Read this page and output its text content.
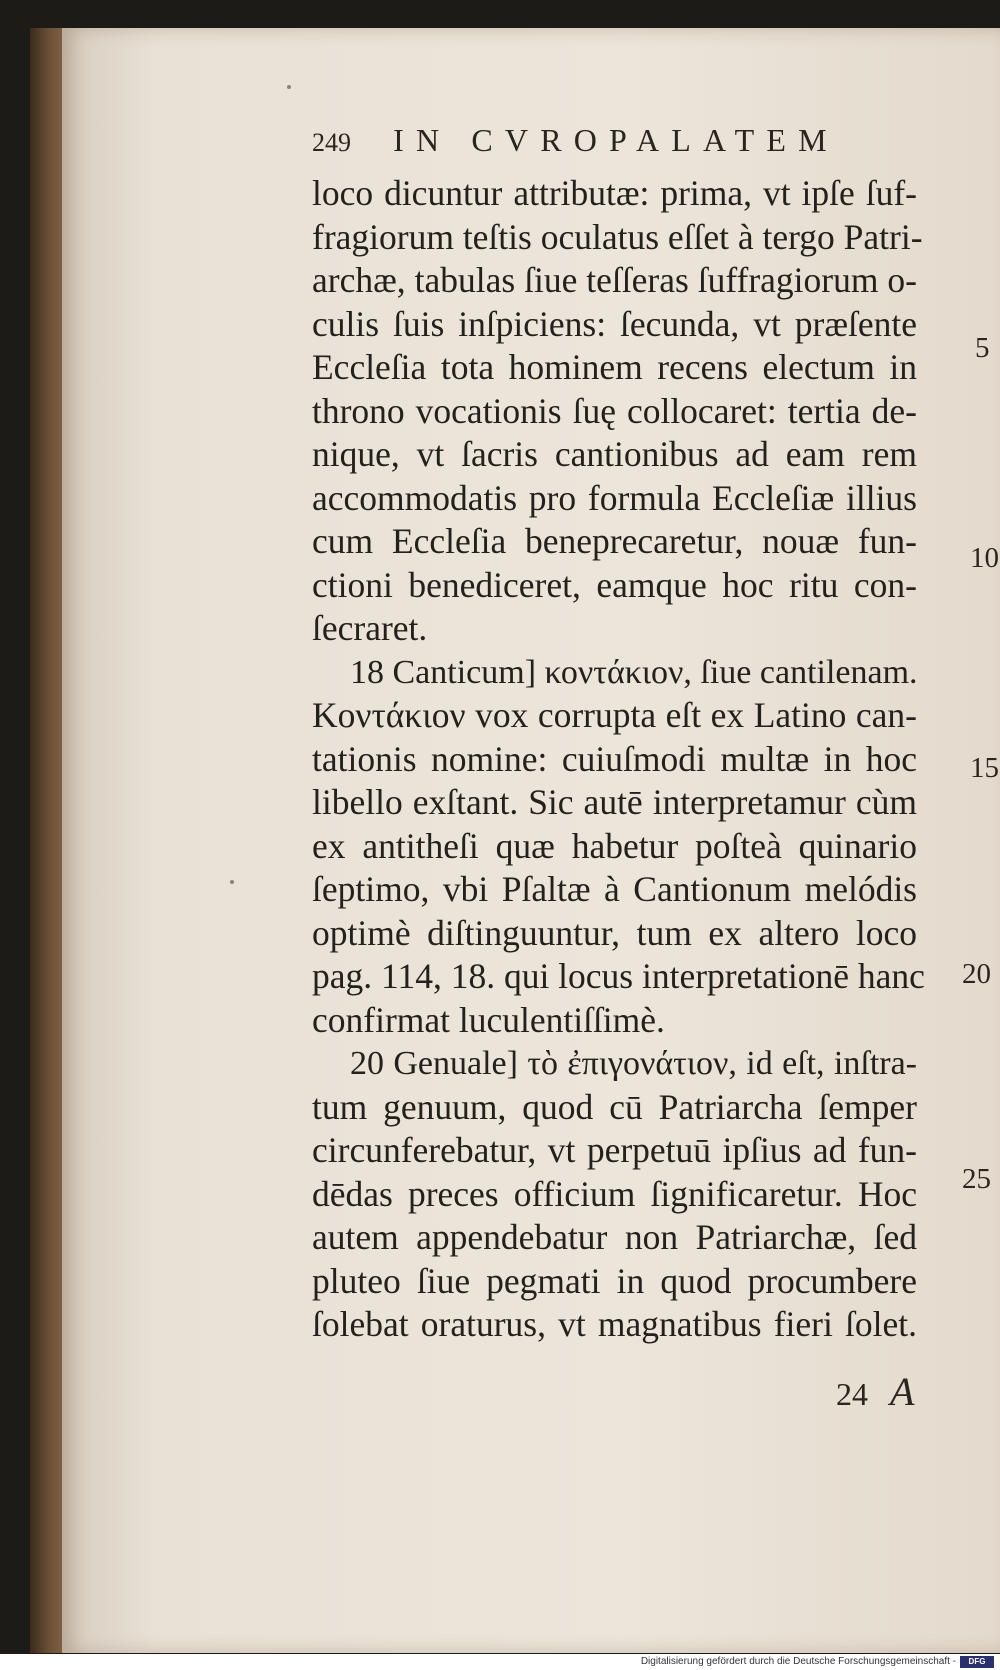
249 IN CVROPALATEM
loco dicuntur attributæ: prima, vt ipſe ſuf-
fragiorum teſtis oculatus eſſet à tergo Patri-
archæ, tabulas ſiue teſſeras ſuffragiorum o-
culis ſuis inſpiciens: ſecunda, vt præſente
Eccleſia tota hominem recens electum in
throno vocationis ſuę collocaret: tertia de-
nique, vt ſacris cantionibus ad eam rem
accommodatis pro formula Eccleſiæ illius
cum Eccleſia beneprecaretur, nouæ fun-
ctioni benediceret, eamque hoc ritu con-
ſecraret.
18 Canticum] κοντάκιον, ſiue cantilenam.
Κοντάκιον vox corrupta eſt ex Latino can-
tationis nomine: cuiuſmodi multæ in hoc
libello exſtant. Sic autē interpretamur cùm
ex antitheſi quæ habetur poſteà quinario
ſeptimo, vbi Pſaltæ à Cantionum melódis
optimè diſtinguuntur, tum ex altero loco
pag. 114, 18. qui locus interpretationē hanc
confirmat luculentiſſimè.
20 Genuale] τὸ ἐπιγονάτιον, id eſt, inſtra-
tum genuum, quod cū Patriarcha ſemper
circunferebatur, vt perpetuū ipſius ad fun-
dēdas preces officium ſignificaretur. Hoc
autem appendebatur non Patriarchæ, ſed
pluteo ſiue pegmati in quod procumbere
ſolebat oraturus, vt magnatibus fieri ſolet.
5
10
15
20
25
24 A
Digitalisierung gefördert durch die Deutsche Forschungsgemeinschaft -	DFG
